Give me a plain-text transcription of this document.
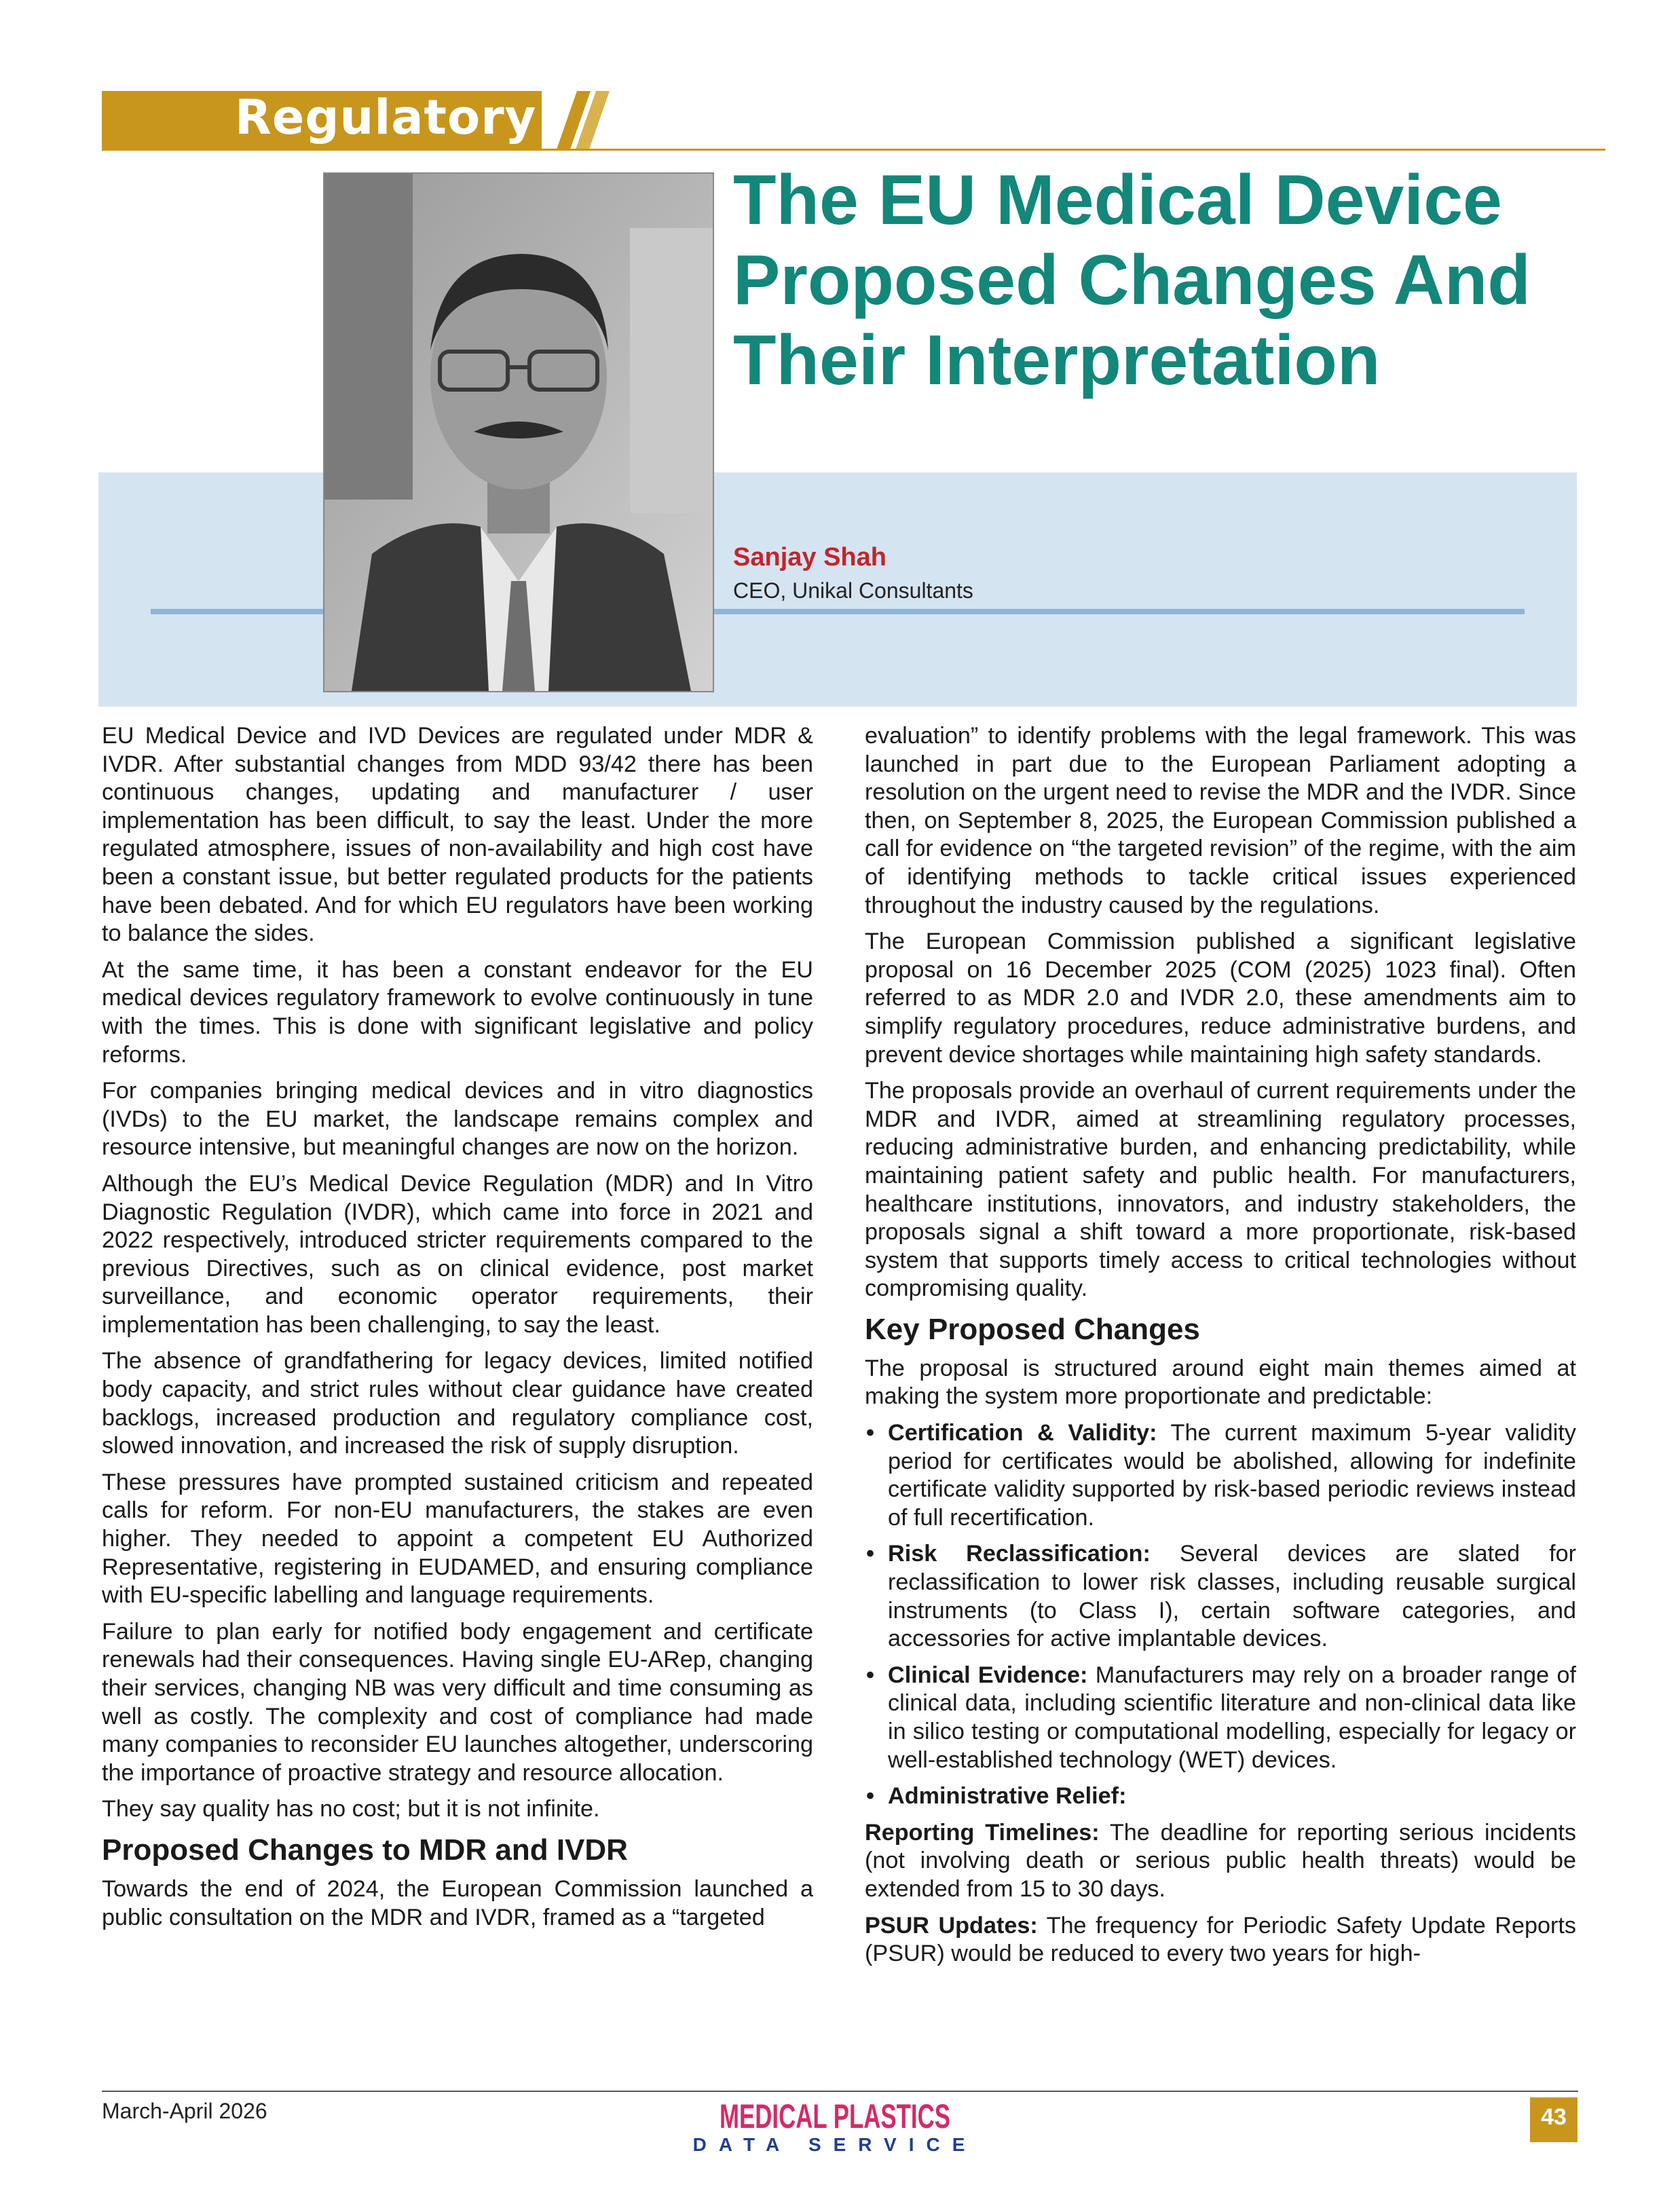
Regulatory
The EU Medical Device
Proposed Changes And
Their Interpretation
Sanjay Shah
CEO, Unikal Consultants

EU Medical Device and IVD Devices are regulated under MDR & IVDR. After substantial changes from MDD 93/42 there has been continuous changes, updating and manufacturer / user implementation has been difficult, to say the least. Under the more regulated atmosphere, issues of non-availability and high cost have been a constant issue, but better regulated products for the patients have been debated. And for which EU regulators have been working to balance the sides.

At the same time, it has been a constant endeavor for the EU medical devices regulatory framework to evolve continuously in tune with the times. This is done with significant legislative and policy reforms.

For companies bringing medical devices and in vitro diagnostics (IVDs) to the EU market, the landscape remains complex and resource intensive, but meaningful changes are now on the horizon.

Although the EU’s Medical Device Regulation (MDR) and In Vitro Diagnostic Regulation (IVDR), which came into force in 2021 and 2022 respectively, introduced stricter requirements compared to the previous Directives, such as on clinical evidence, post market surveillance, and economic operator requirements, their implementation has been challenging, to say the least.

The absence of grandfathering for legacy devices, limited notified body capacity, and strict rules without clear guidance have created backlogs, increased production and regulatory compliance cost, slowed innovation, and increased the risk of supply disruption.

These pressures have prompted sustained criticism and repeated calls for reform. For non-EU manufacturers, the stakes are even higher. They needed to appoint a competent EU Authorized Representative, registering in EUDAMED, and ensuring compliance with EU-specific labelling and language requirements.

Failure to plan early for notified body engagement and certificate renewals had their consequences. Having single EU-ARep, changing their services, changing NB was very difficult and time consuming as well as costly. The complexity and cost of compliance had made many companies to reconsider EU launches altogether, underscoring the importance of proactive strategy and resource allocation.

They say quality has no cost; but it is not infinite.

Proposed Changes to MDR and IVDR

Towards the end of 2024, the European Commission launched a public consultation on the MDR and IVDR, framed as a “targeted

evaluation” to identify problems with the legal framework. This was launched in part due to the European Parliament adopting a resolution on the urgent need to revise the MDR and the IVDR. Since then, on September 8, 2025, the European Commission published a call for evidence on “the targeted revision” of the regime, with the aim of identifying methods to tackle critical issues experienced throughout the industry caused by the regulations.

The European Commission published a significant legislative proposal on 16 December 2025 (COM (2025) 1023 final). Often referred to as MDR 2.0 and IVDR 2.0, these amendments aim to simplify regulatory procedures, reduce administrative burdens, and prevent device shortages while maintaining high safety standards.

The proposals provide an overhaul of current requirements under the MDR and IVDR, aimed at streamlining regulatory processes, reducing administrative burden, and enhancing predictability, while maintaining patient safety and public health. For manufacturers, healthcare institutions, innovators, and industry stakeholders, the proposals signal a shift toward a more proportionate, risk-based system that supports timely access to critical technologies without compromising quality.

Key Proposed Changes

The proposal is structured around eight main themes aimed at making the system more proportionate and predictable:

• Certification & Validity: The current maximum 5-year validity period for certificates would be abolished, allowing for indefinite certificate validity supported by risk-based periodic reviews instead of full recertification.
• Risk Reclassification: Several devices are slated for reclassification to lower risk classes, including reusable surgical instruments (to Class I), certain software categories, and accessories for active implantable devices.
• Clinical Evidence: Manufacturers may rely on a broader range of clinical data, including scientific literature and non-clinical data like in silico testing or computational modelling, especially for legacy or well-established technology (WET) devices.
• Administrative Relief:

Reporting Timelines: The deadline for reporting serious incidents (not involving death or serious public health threats) would be extended from 15 to 30 days.

PSUR Updates: The frequency for Periodic Safety Update Reports (PSUR) would be reduced to every two years for high-

March-April 2026	MEDICAL PLASTICS
DATA SERVICE
43
